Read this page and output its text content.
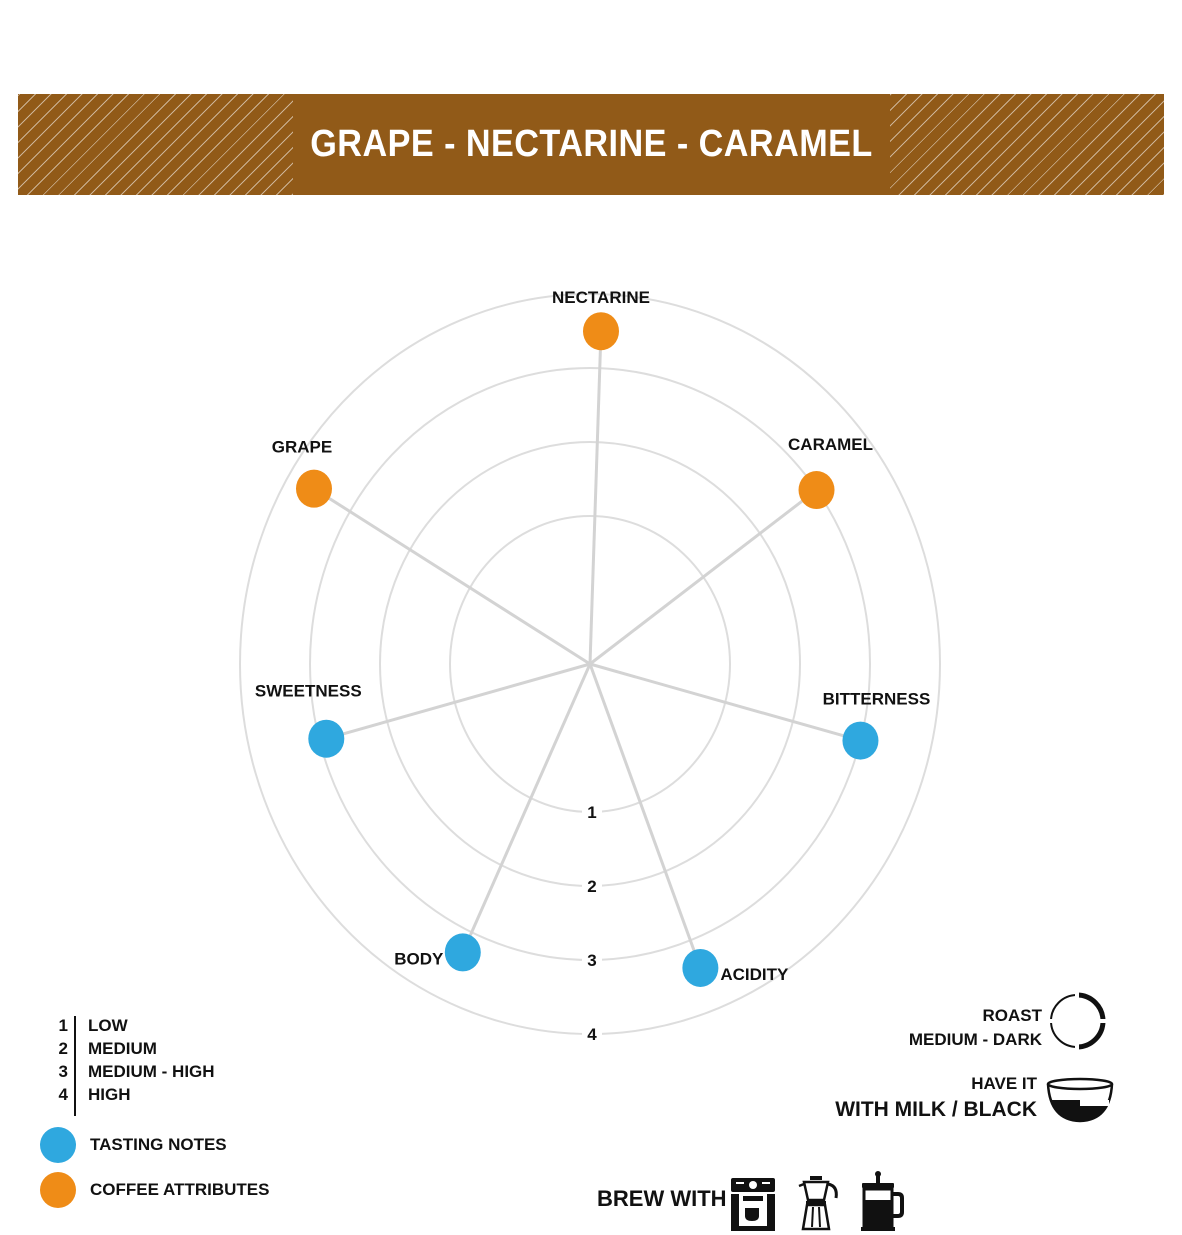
GRAPE - NECTARINE - CARAMEL
1
2
3
4
NECTARINE
CARAMEL
BITTERNESS
ACIDITY
BODY
SWEETNESS
GRAPE
1	LOW
2	MEDIUM
3	MEDIUM - HIGH
4	HIGH
TASTING NOTES
COFFEE ATTRIBUTES
ROAST
MEDIUM - DARK
HAVE IT
WITH MILK / BLACK
BREW WITH
